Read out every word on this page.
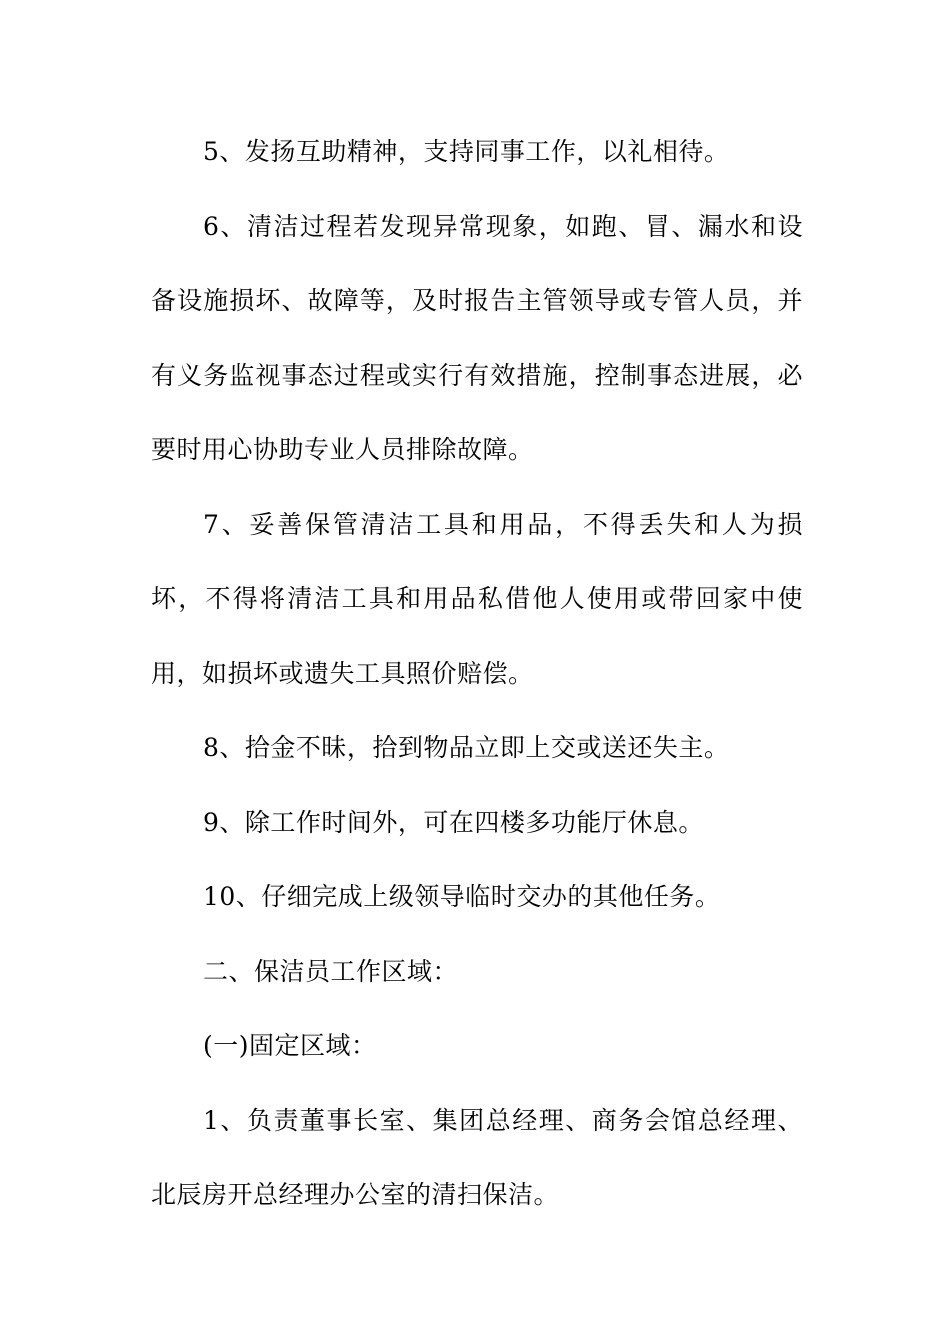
5、发扬互助精神，支持同事工作，以礼相待。

6、清洁过程若发现异常现象，如跑、冒、漏水和设备设施损坏、故障等，及时报告主管领导或专管人员，并有义务监视事态过程或实行有效措施，控制事态进展，必要时用心协助专业人员排除故障。

7、妥善保管清洁工具和用品，不得丢失和人为损坏，不得将清洁工具和用品私借他人使用或带回家中使用，如损坏或遗失工具照价赔偿。

8、拾金不昧，拾到物品立即上交或送还失主。

9、除工作时间外，可在四楼多功能厅休息。

10、仔细完成上级领导临时交办的其他任务。

二、保洁员工作区域：

(一)固定区域：

1、负责董事长室、集团总经理、商务会馆总经理、北辰房开总经理办公室的清扫保洁。
